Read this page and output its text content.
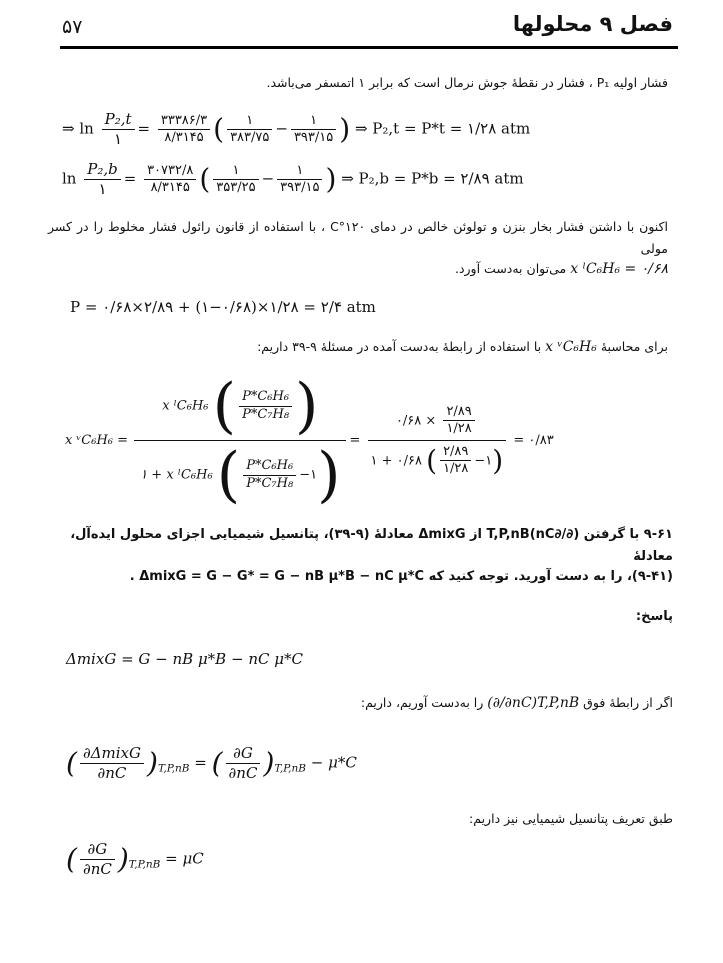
۵۷	فصل ۹ محلولها
فشار اولیه P₁ ، فشار در نقطهٔ جوش نرمال است که برابر ۱ اتمسفر می‌باشد.
⇒ $\ln \frac{\text{P₂,t}}{۱} = \frac{۳۳۳۸۶/۳}{۸/۳۱۴۵}$ ( $\frac{۱}{۳۸۳/۷۵} - \frac{۱}{۳۹۳/۱۵}$ ) ⇒ P₂,t = P*t = ۱/۲۸ atm
$\ln \frac{\text{P₂,b}}{۱} = \frac{۳۰۷۳۲/۸}{۸/۳۱۴۵}$ ( $\frac{۱}{۳۵۳/۲۵} - \frac{۱}{۳۹۳/۱۵}$ ) ⇒ P₂,b = P*b = ۲/۸۹ atm
اکنون با داشتن فشار بخار بنزن و تولوئن خالص در دمای ۱۲۰°C ، با استفاده از قانون رائول فشار مخلوط را در کسر مولی
x ˡC₆H₆ = ۰/۶۸ می‌توان به‌دست آورد.
P = ۰/۶۸×۲/۸۹ + (۱−۰/۶۸)×۱/۲۸ = ۲/۴ atm
برای محاسبهٔ x ᵛC₆H₆ با استفاده از رابطهٔ به‌دست آمده در مسئلهٔ ۹-۳۹ داریم:
x ᵛC₆H₆ = $\frac{x ˡC_6H_6 ( \frac{\text{P*C₆H₆}}{\text{P*C₇H₈}} )}{۱ + x ˡC_6H_6 ( \frac{\text{P*C₆H₆}}{\text{P*C₇H₈}} -۱)} = \frac{۰/۶۸ \times \frac{۲/۸۹}{۱/۲۸}}{۱ + ۰/۶۸ ( \frac{۲/۸۹}{۱/۲۸} -۱)}$ = ۰/۸۳
۹-۶۱ با گرفتن (∂/∂nC)T,P,nB از ΔmixG معادلهٔ (۹-۳۹)، پتانسیل شیمیایی اجزای محلول ایده‌آل، معادلهٔ
(۹-۴۱)، را به دست آورید. توجه کنید که ΔmixG = G − G* = G − nB μ*B − nC μ*C .
پاسخ:
ΔmixG = G − nB μ*B − nC μ*C
اگر از رابطهٔ فوق (∂/∂nC)T,P,nB را به‌دست آوریم، داریم:
( $\frac{\text{∂ΔmixG}}{\partial nC} )_{T,P,nB}$ = ( $\frac{\partial G}{\partial nC} )_{T,P,nB} - \mu*C$
طبق تعریف پتانسیل شیمیایی نیز داریم:
( $\frac{\partial G}{\partial nC} )_{T,P,nB} = \mu C$
